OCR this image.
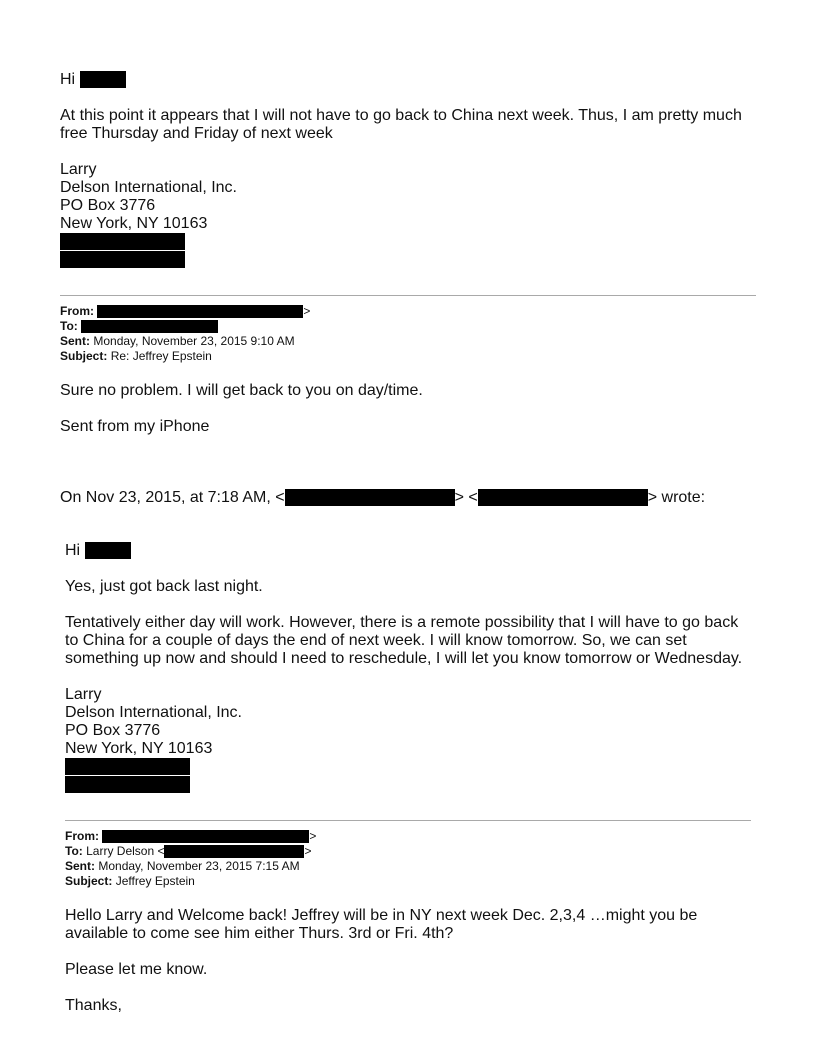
Hi

At this point it appears that I will not have to go back to China next week. Thus, I am pretty much free Thursday and Friday of next week

Larry
Delson International, Inc.
PO Box 3776
New York, NY 10163
From:	>
To:
Sent: Monday, November 23, 2015 9:10 AM
Subject: Re: Jeffrey Epstein

Sure no problem. I will get back to you on day/time.

Sent from my iPhone

On Nov 23, 2015, at 7:18 AM, <	> <	> wrote:
Hi

Yes, just got back last night.

Tentatively either day will work. However, there is a remote possibility that I will have to go back to China for a couple of days the end of next week. I will know tomorrow. So, we can set something up now and should I need to reschedule, I will let you know tomorrow or Wednesday.

Larry
Delson International, Inc.
PO Box 3776
New York, NY 10163
From:	>
To: Larry Delson <	>
Sent: Monday, November 23, 2015 7:15 AM
Subject: Jeffrey Epstein

Hello Larry and Welcome back! Jeffrey will be in NY next week Dec. 2,3,4 …might you be available to come see him either Thurs. 3rd or Fri. 4th?

Please let me know.

Thanks,
